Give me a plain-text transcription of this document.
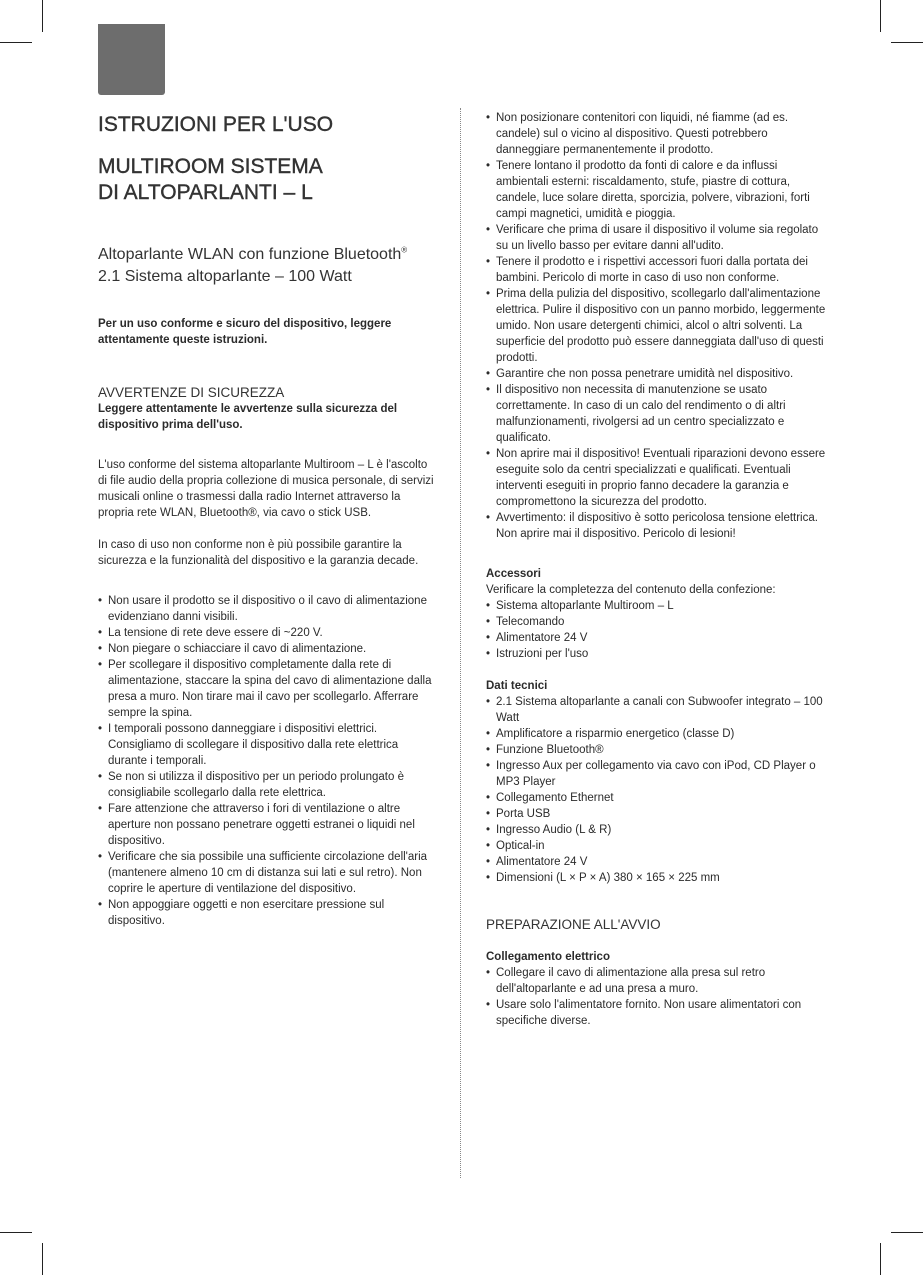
ISTRUZIONI PER L'USO
MULTIROOM SISTEMA
DI ALTOPARLANTI – L
Altoparlante WLAN con funzione Bluetooth®
2.1 Sistema altoparlante – 100 Watt

Per un uso conforme e sicuro del dispositivo, leggere attentamente queste istruzioni.

AVVERTENZE DI SICUREZZA

Leggere attentamente le avvertenze sulla sicurezza del dispositivo prima dell'uso.

L'uso conforme del sistema altoparlante Multiroom – L è l'ascolto di file audio della propria collezione di musica personale, di servizi musicali online o trasmessi dalla radio Internet attraverso la propria rete WLAN, Bluetooth®, via cavo o stick USB.

In caso di uso non conforme non è più possibile garantire la sicurezza e la funzionalità del dispositivo e la garanzia decade.

• Non usare il prodotto se il dispositivo o il cavo di alimentazione evidenziano danni visibili.
• La tensione di rete deve essere di ~220 V.
• Non piegare o schiacciare il cavo di alimentazione.
• Per scollegare il dispositivo completamente dalla rete di alimentazione, staccare la spina del cavo di alimentazione dalla presa a muro. Non tirare mai il cavo per scollegarlo. Afferrare sempre la spina.
• I temporali possono danneggiare i dispositivi elettrici. Consigliamo di scollegare il dispositivo dalla rete elettrica durante i temporali.
• Se non si utilizza il dispositivo per un periodo prolungato è consigliabile scollegarlo dalla rete elettrica.
• Fare attenzione che attraverso i fori di ventilazione o altre aperture non possano penetrare oggetti estranei o liquidi nel dispositivo.
• Verificare che sia possibile una sufficiente circolazione dell'aria (mantenere almeno 10 cm di distanza sui lati e sul retro). Non coprire le aperture di ventilazione del dispositivo.
• Non appoggiare oggetti e non esercitare pressione sul dispositivo.
• Non posizionare contenitori con liquidi, né fiamme (ad es. candele) sul o vicino al dispositivo. Questi potrebbero danneggiare permanentemente il prodotto.
• Tenere lontano il prodotto da fonti di calore e da influssi ambientali esterni: riscaldamento, stufe, piastre di cottura, candele, luce solare diretta, sporcizia, polvere, vibrazioni, forti campi magnetici, umidità e pioggia.
• Verificare che prima di usare il dispositivo il volume sia regolato su un livello basso per evitare danni all'udito.
• Tenere il prodotto e i rispettivi accessori fuori dalla portata dei bambini. Pericolo di morte in caso di uso non conforme.
• Prima della pulizia del dispositivo, scollegarlo dall'alimentazione elettrica. Pulire il dispositivo con un panno morbido, leggermente umido. Non usare detergenti chimici, alcol o altri solventi. La superficie del prodotto può essere danneggiata dall'uso di questi prodotti.
• Garantire che non possa penetrare umidità nel dispositivo.
• Il dispositivo non necessita di manutenzione se usato correttamente. In caso di un calo del rendimento o di altri malfunzionamenti, rivolgersi ad un centro specializzato e qualificato.
• Non aprire mai il dispositivo! Eventuali riparazioni devono essere eseguite solo da centri specializzati e qualificati. Eventuali interventi eseguiti in proprio fanno decadere la garanzia e compromettono la sicurezza del prodotto.
• Avvertimento: il dispositivo è sotto pericolosa tensione elettrica. Non aprire mai il dispositivo. Pericolo di lesioni!

Accessori

Verificare la completezza del contenuto della confezione:

• Sistema altoparlante Multiroom – L
• Telecomando
• Alimentatore 24 V
• Istruzioni per l'uso

Dati tecnici

• 2.1 Sistema altoparlante a canali con Subwoofer integrato – 100 Watt
• Amplificatore a risparmio energetico (classe D)
• Funzione Bluetooth®
• Ingresso Aux per collegamento via cavo con iPod, CD Player o MP3 Player
• Collegamento Ethernet
• Porta USB
• Ingresso Audio (L & R)
• Optical-in
• Alimentatore 24 V
• Dimensioni (L × P × A) 380 × 165 × 225 mm
PREPARAZIONE ALL'AVVIO

Collegamento elettrico

• Collegare il cavo di alimentazione alla presa sul retro dell'altoparlante e ad una presa a muro.
• Usare solo l'alimentatore fornito. Non usare alimentatori con specifiche diverse.
